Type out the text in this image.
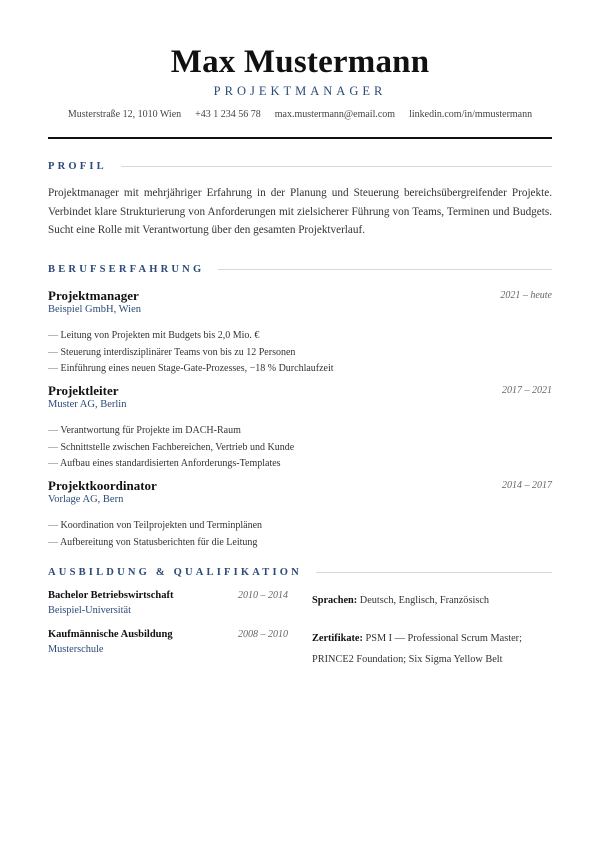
Max Mustermann
PROJEKTMANAGER
Musterstraße 12, 1010 Wien +43 1 234 56 78 max.mustermann@email.com linkedin.com/in/mmustermann
PROFIL
Projektmanager mit mehrjähriger Erfahrung in der Planung und Steuerung bereichsübergreifender Projekte. Verbindet klare Strukturierung von Anforderungen mit zielsicherer Führung von Teams, Terminen und Budgets. Sucht eine Rolle mit Verantwortung über den gesamten Projektverlauf.
BERUFSERFAHRUNG
Projektmanager	2021 – heute
Beispiel GmbH, Wien
— Leitung von Projekten mit Budgets bis 2,0 Mio. €
— Steuerung interdisziplinärer Teams von bis zu 12 Personen
— Einführung eines neuen Stage-Gate-Prozesses, −18 % Durchlaufzeit
Projektleiter	2017 – 2021
Muster AG, Berlin
— Verantwortung für Projekte im DACH-Raum
— Schnittstelle zwischen Fachbereichen, Vertrieb und Kunde
— Aufbau eines standardisierten Anforderungs-Templates
Projektkoordinator	2014 – 2017
Vorlage AG, Bern
— Koordination von Teilprojekten und Terminplänen
— Aufbereitung von Statusberichten für die Leitung
AUSBILDUNG & QUALIFIKATION
Bachelor Betriebswirtschaft	2010 – 2014
Beispiel-Universität
Kaufmännische Ausbildung	2008 – 2010
Musterschule
Sprachen: Deutsch, Englisch, Französisch
Zertifikate: PSM I — Professional Scrum Master;
PRINCE2 Foundation; Six Sigma Yellow Belt
